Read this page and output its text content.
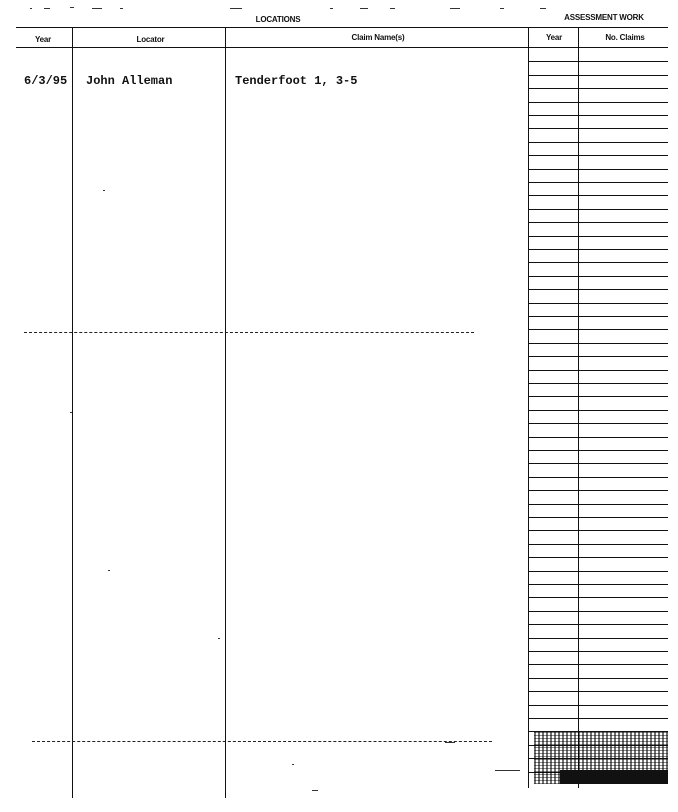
LOCATIONS	ASSESSMENT WORK
Year	Locator	Claim Name(s)	Year	No. Claims
6/3/95 John Alleman	Tenderfoot 1, 3-5
